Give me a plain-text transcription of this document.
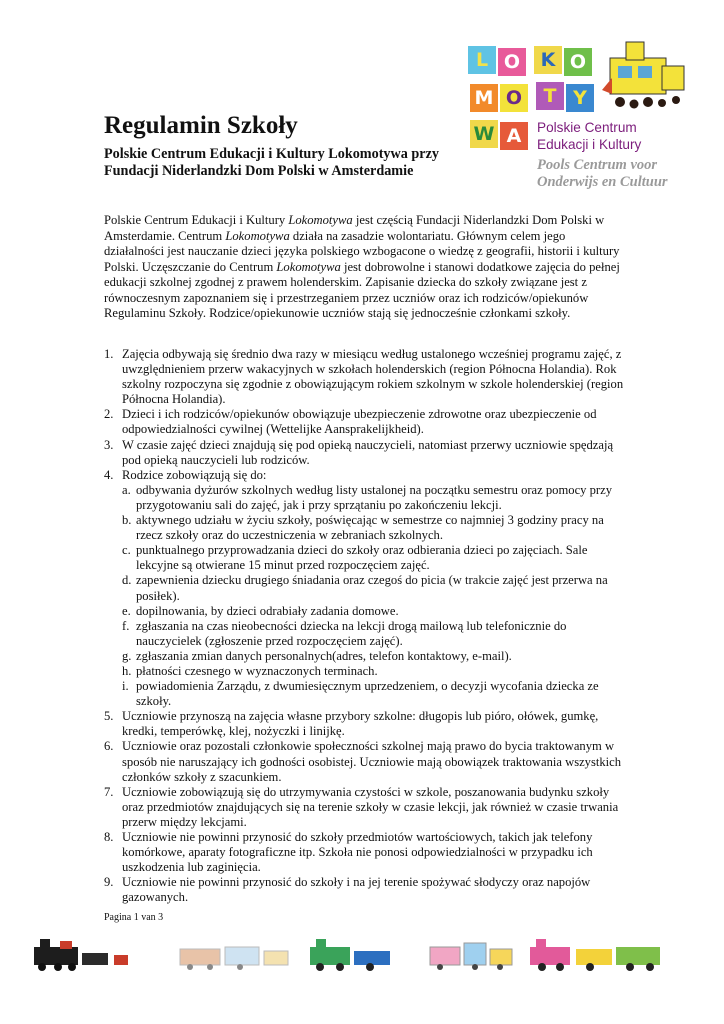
Regulamin Szkoły
Polskie Centrum Edukacji i Kultury Lokomotywa przy Fundacji Niderlandzki Dom Polski w Amsterdamie
L O	K O
M O	T Y
W A	Polskie Centrum
Edukacji i Kultury
Pools Centrum voor
Onderwijs en Cultuur

Polskie Centrum Edukacji i Kultury Lokomotywa jest częścią Fundacji Niderlandzki Dom Polski w Amsterdamie. Centrum Lokomotywa działa na zasadzie wolontariatu. Głównym celem jego działalności jest nauczanie dzieci języka polskiego wzbogacone o wiedzę z geografii, historii i kultury Polski. Uczęszczanie do Centrum Lokomotywa jest dobrowolne i stanowi dodatkowe zajęcia do pełnej edukacji szkolnej zgodnej z prawem holenderskim. Zapisanie dziecka do szkoły związane jest z równoczesnym zapoznaniem się i przestrzeganiem przez uczniów oraz ich rodziców/opiekunów Regulaminu Szkoły. Rodzice/opiekunowie uczniów stają się jednocześnie członkami szkoły.

1. Zajęcia odbywają się średnio dwa razy w miesiącu według ustalonego wcześniej programu zajęć, z uwzględnieniem przerw wakacyjnych w szkołach holenderskich (region Północna Holandia). Rok szkolny rozpoczyna się zgodnie z obowiązującym rokiem szkolnym w szkole holenderskiej (region Północna Holandia).
2. Dzieci i ich rodziców/opiekunów obowiązuje ubezpieczenie zdrowotne oraz ubezpieczenie od odpowiedzialności cywilnej (Wettelijke Aansprakelijkheid).
3. W czasie zajęć dzieci znajdują się pod opieką nauczycieli, natomiast przerwy uczniowie spędzają pod opieką nauczycieli lub rodziców.
4. Rodzice zobowiązują się do:
a. odbywania dyżurów szkolnych według listy ustalonej na początku semestru oraz pomocy przy przygotowaniu sali do zajęć, jak i przy sprzątaniu po zakończeniu lekcji.
b. aktywnego udziału w życiu szkoły, poświęcając w semestrze co najmniej 3 godziny pracy na rzecz szkoły oraz do uczestniczenia w zebraniach szkolnych.
c. punktualnego przyprowadzania dzieci do szkoły oraz odbierania dzieci po zajęciach. Sale lekcyjne są otwierane 15 minut przed rozpoczęciem zajęć.
d. zapewnienia dziecku drugiego śniadania oraz czegoś do picia (w trakcie zajęć jest przerwa na posiłek).
e. dopilnowania, by dzieci odrabiały zadania domowe.
f. zgłaszania na czas nieobecności dziecka na lekcji drogą mailową lub telefonicznie do nauczycielek (zgłoszenie przed rozpoczęciem zajęć).
g. zgłaszania zmian danych personalnych(adres, telefon kontaktowy, e-mail).
h. płatności czesnego w wyznaczonych terminach.
i. powiadomienia Zarządu, z dwumiesięcznym uprzedzeniem, o decyzji wycofania dziecka ze szkoły.
5. Uczniowie przynoszą na zajęcia własne przybory szkolne: długopis lub pióro, ołówek, gumkę, kredki, temperówkę, klej, nożyczki i linijkę.
6. Uczniowie oraz pozostali członkowie społeczności szkolnej mają prawo do bycia traktowanym w sposób nie naruszający ich godności osobistej. Uczniowie mają obowiązek traktowania wszystkich członków szkoły z szacunkiem.
7. Uczniowie zobowiązują się do utrzymywania czystości w szkole, poszanowania budynku szkoły oraz przedmiotów znajdujących się na terenie szkoły w czasie lekcji, jak również w czasie trwania przerw między lekcjami.
8. Uczniowie nie powinni przynosić do szkoły przedmiotów wartościowych, takich jak telefony komórkowe, aparaty fotograficzne itp. Szkoła nie ponosi odpowiedzialności w przypadku ich uszkodzenia lub zaginięcia.
9. Uczniowie nie powinni przynosić do szkoły i na jej terenie spożywać słodyczy oraz napojów gazowanych.
Pagina 1 van 3
